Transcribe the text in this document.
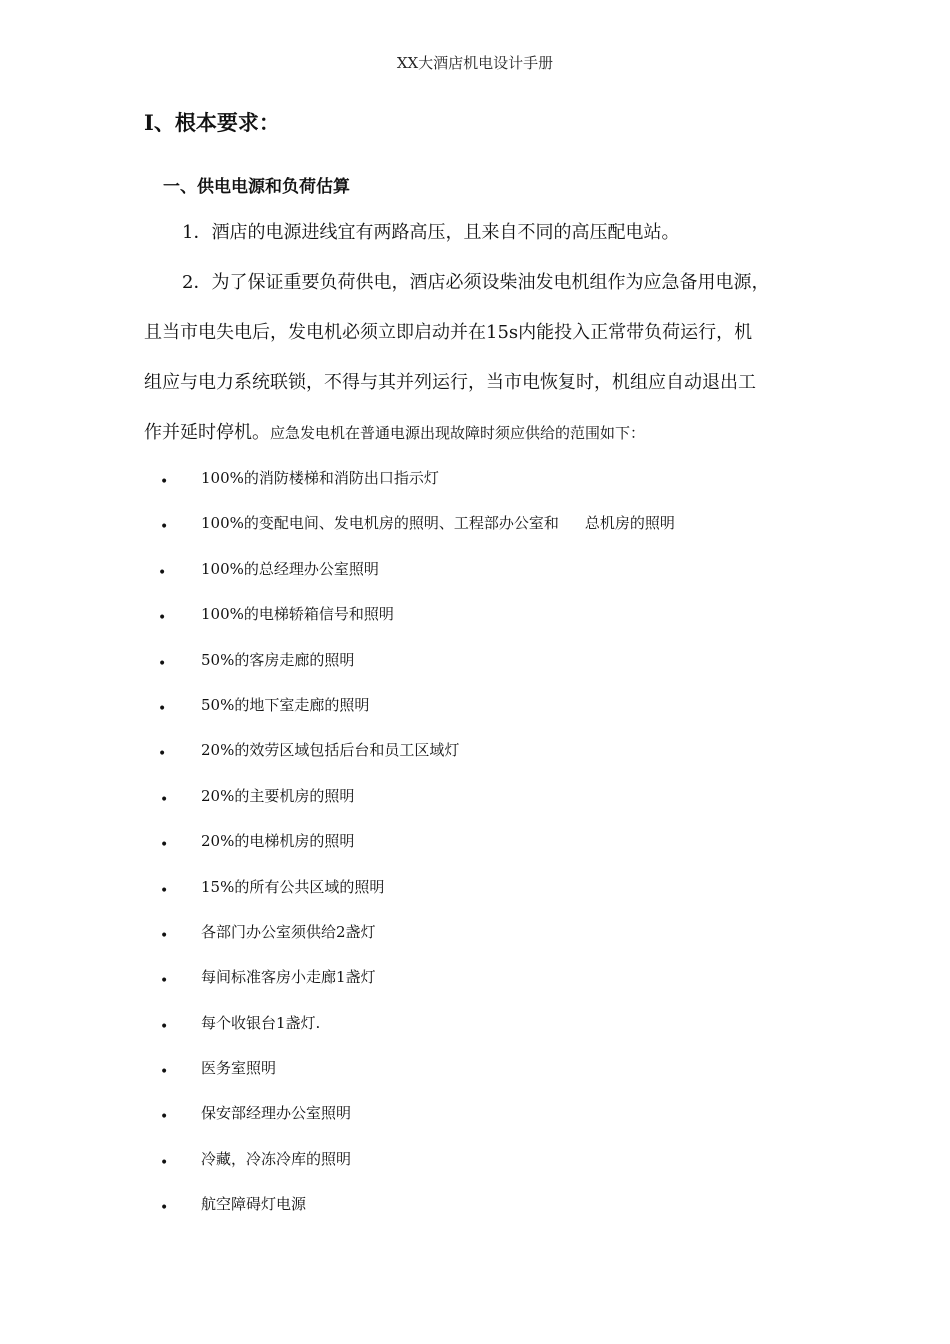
XX大酒店机电设计手册
I、根本要求：
一、供电电源和负荷估算

1．酒店的电源进线宜有两路高压，且来自不同的高压配电站。

2．为了保证重要负荷供电，酒店必须设柴油发电机组作为应急备用电源，

且当市电失电后，发电机必须立即启动并在15s内能投入正常带负荷运行，机

组应与电力系统联锁，不得与其并列运行，当市电恢复时，机组应自动退出工

作并延时停机。应急发电机在普通电源出现故障时须应供给的范围如下：

• 100%的消防楼梯和消防出口指示灯
• 100%的变配电间、发电机房的照明、工程部办公室和 总机房的照明
• 100%的总经理办公室照明
• 100%的电梯轿箱信号和照明
• 50%的客房走廊的照明
• 50%的地下室走廊的照明
• 20%的效劳区域包括后台和员工区域灯
• 20%的主要机房的照明
• 20%的电梯机房的照明
• 15%的所有公共区域的照明
• 各部门办公室须供给2盏灯
• 每间标准客房小走廊1盏灯
• 每个收银台1盏灯.
• 医务室照明
• 保安部经理办公室照明
• 冷藏，冷冻冷库的照明
• 航空障碍灯电源
